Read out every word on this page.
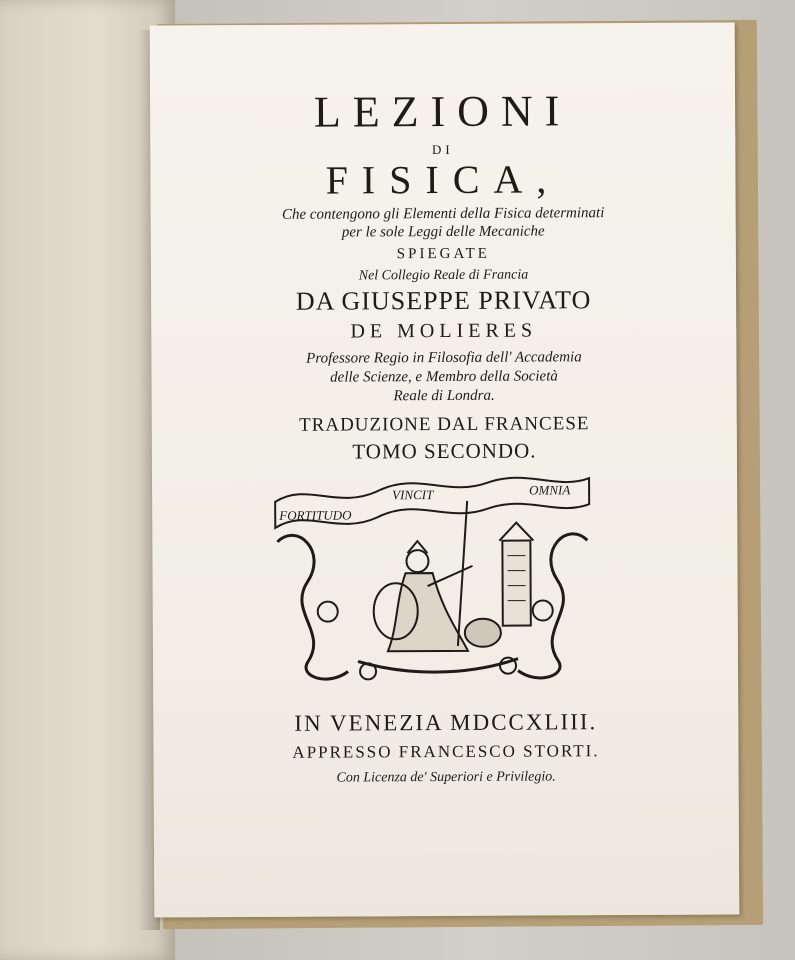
LEZIONI
DI
FISICA,
Che contengono gli Elementi della Fisica determinati
per le sole Leggi delle Mecaniche
SPIEGATE
Nel Collegio Reale di Francia
DA GIUSEPPE PRIVATO
DE MOLIERES
Professore Regio in Filosofia dell' Accademia
delle Scienze, e Membro della Società
Reale di Londra.
TRADUZIONE DAL FRANCESE
TOMO SECONDO.
FORTITUDO
VINCIT	OMNIA
IN VENEZIA MDCCXLIII.
APPRESSO FRANCESCO STORTI.
Con Licenza de' Superiori e Privilegio.
